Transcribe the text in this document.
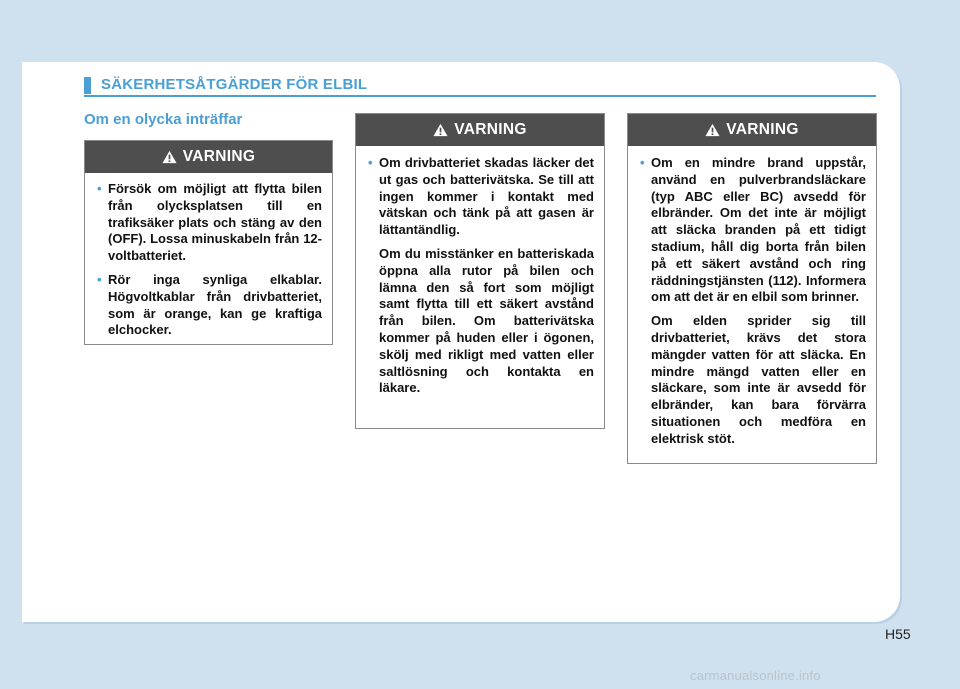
SÄKERHETSÅTGÄRDER FÖR ELBIL
Om en olycka inträffar
VARNING
• Försök om möjligt att flytta bilen från olycksplatsen till en trafiksäker plats och stäng av den (OFF). Lossa minuskabeln från 12-voltbatteriet.
• Rör inga synliga elkablar. Högvoltkablar från drivbatteriet, som är orange, kan ge kraftiga elchocker.
VARNING
• Om drivbatteriet skadas läcker det ut gas och batterivätska. Se till att ingen kommer i kontakt med vätskan och tänk på att gasen är lättantändlig.
Om du misstänker en batteriskada öppna alla rutor på bilen och lämna den så fort som möjligt samt flytta till ett säkert avstånd från bilen. Om batterivätska kommer på huden eller i ögonen, skölj med rikligt med vatten eller saltlösning och kontakta en läkare.
VARNING
• Om en mindre brand uppstår, använd en pulverbrandsläckare (typ ABC eller BC) avsedd för elbränder. Om det inte är möjligt att släcka branden på ett tidigt stadium, håll dig borta från bilen på ett säkert avstånd och ring räddningstjänsten (112). Informera om att det är en elbil som brinner.
Om elden sprider sig till drivbatteriet, krävs det stora mängder vatten för att släcka. En mindre mängd vatten eller en släckare, som inte är avsedd för elbränder, kan bara förvärra situationen och medföra en elektrisk stöt.
H55
carmanualsonline.info
